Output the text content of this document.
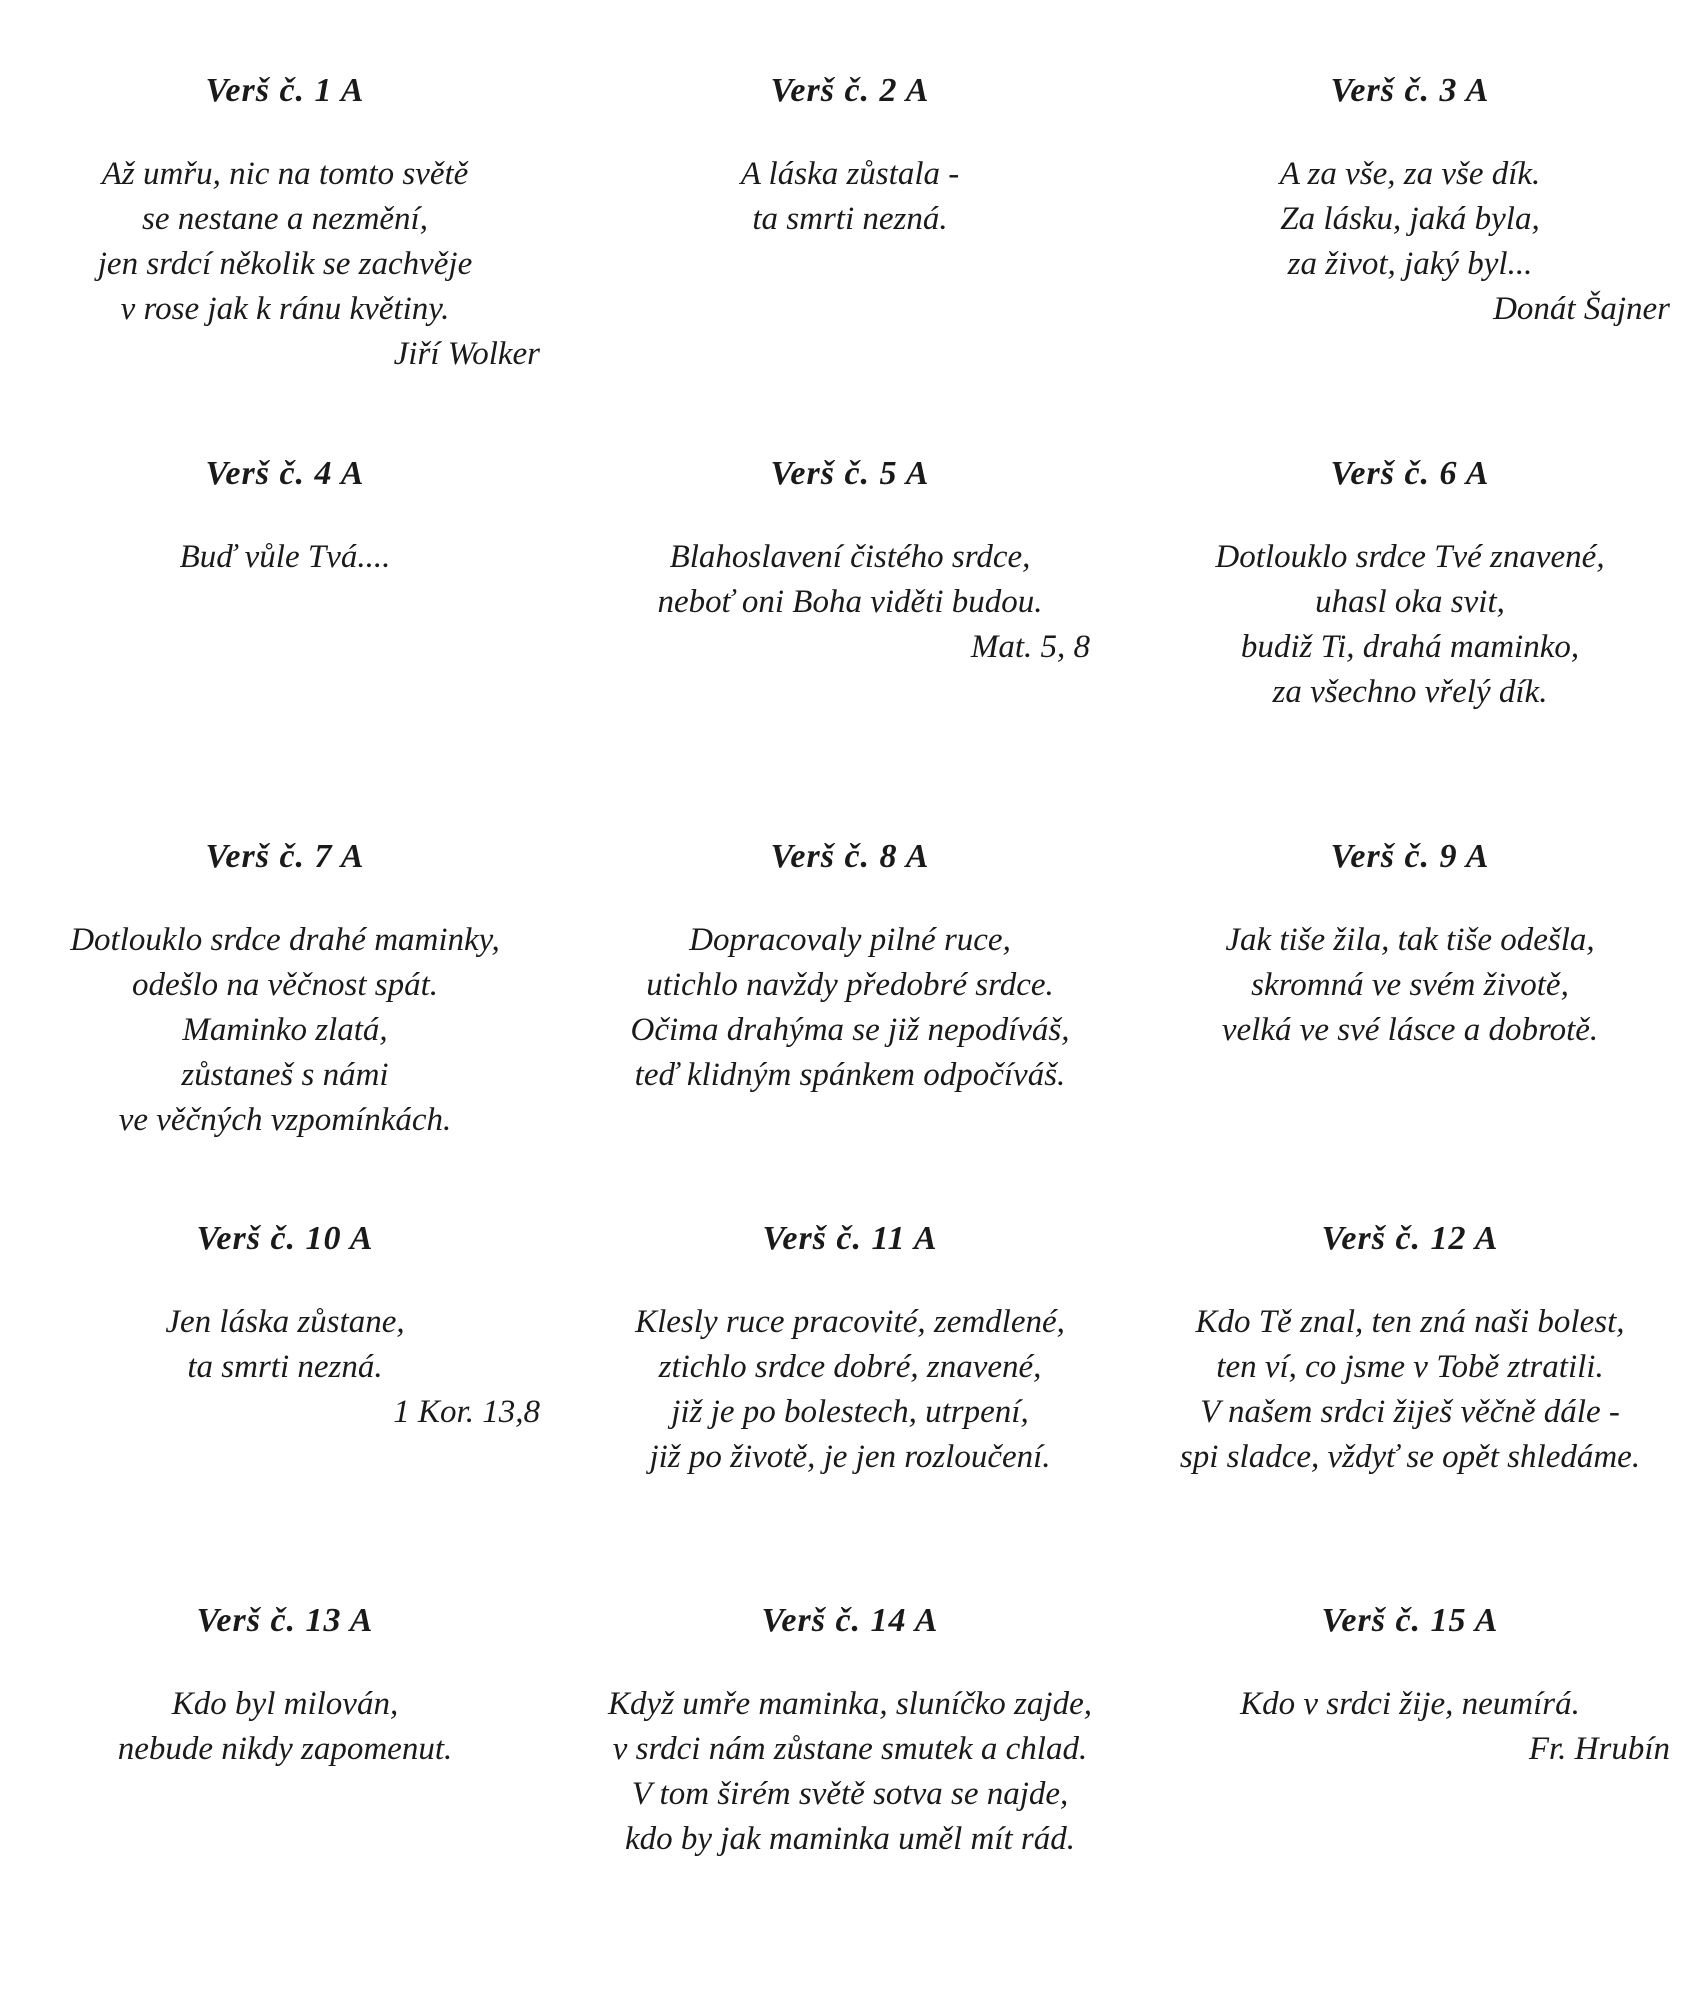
Verš č. 1 A
Až umřu, nic na tomto světě
se nestane a nezmění,
jen srdcí několik se zachvěje
v rose jak k ránu květiny.
Jiří Wolker
Verš č. 2 A
A láska zůstala -
ta smrti nezná.
Verš č. 3 A
A za vše, za vše dík.
Za lásku, jaká byla,
za život, jaký byl...
Donát Šajner
Verš č. 4 A
Buď vůle Tvá....
Verš č. 5 A
Blahoslavení čistého srdce,
neboť oni Boha viděti budou.
Mat. 5, 8
Verš č. 6 A
Dotlouklo srdce Tvé znavené,
uhasl oka svit,
budiž Ti, drahá maminko,
za všechno vřelý dík.
Verš č. 7 A
Dotlouklo srdce drahé maminky,
odešlo na věčnost spát.
Maminko zlatá,
zůstaneš s námi
ve věčných vzpomínkách.
Verš č. 8 A
Dopracovaly pilné ruce,
utichlo navždy předobré srdce.
Očima drahýma se již nepodíváš,
teď klidným spánkem odpočíváš.
Verš č. 9 A
Jak tiše žila, tak tiše odešla,
skromná ve svém životě,
velká ve své lásce a dobrotě.
Verš č. 10 A
Jen láska zůstane,
ta smrti nezná.
1 Kor. 13,8
Verš č. 11 A
Klesly ruce pracovité, zemdlené,
ztichlo srdce dobré, znavené,
již je po bolestech, utrpení,
již po životě, je jen rozloučení.
Verš č. 12 A
Kdo Tě znal, ten zná naši bolest,
ten ví, co jsme v Tobě ztratili.
V našem srdci žiješ věčně dále -
spi sladce, vždyť se opět shledáme.
Verš č. 13 A
Kdo byl milován,
nebude nikdy zapomenut.
Verš č. 14 A
Když umře maminka, sluníčko zajde,
v srdci nám zůstane smutek a chlad.
V tom širém světě sotva se najde,
kdo by jak maminka uměl mít rád.
Verš č. 15 A
Kdo v srdci žije, neumírá.
Fr. Hrubín
